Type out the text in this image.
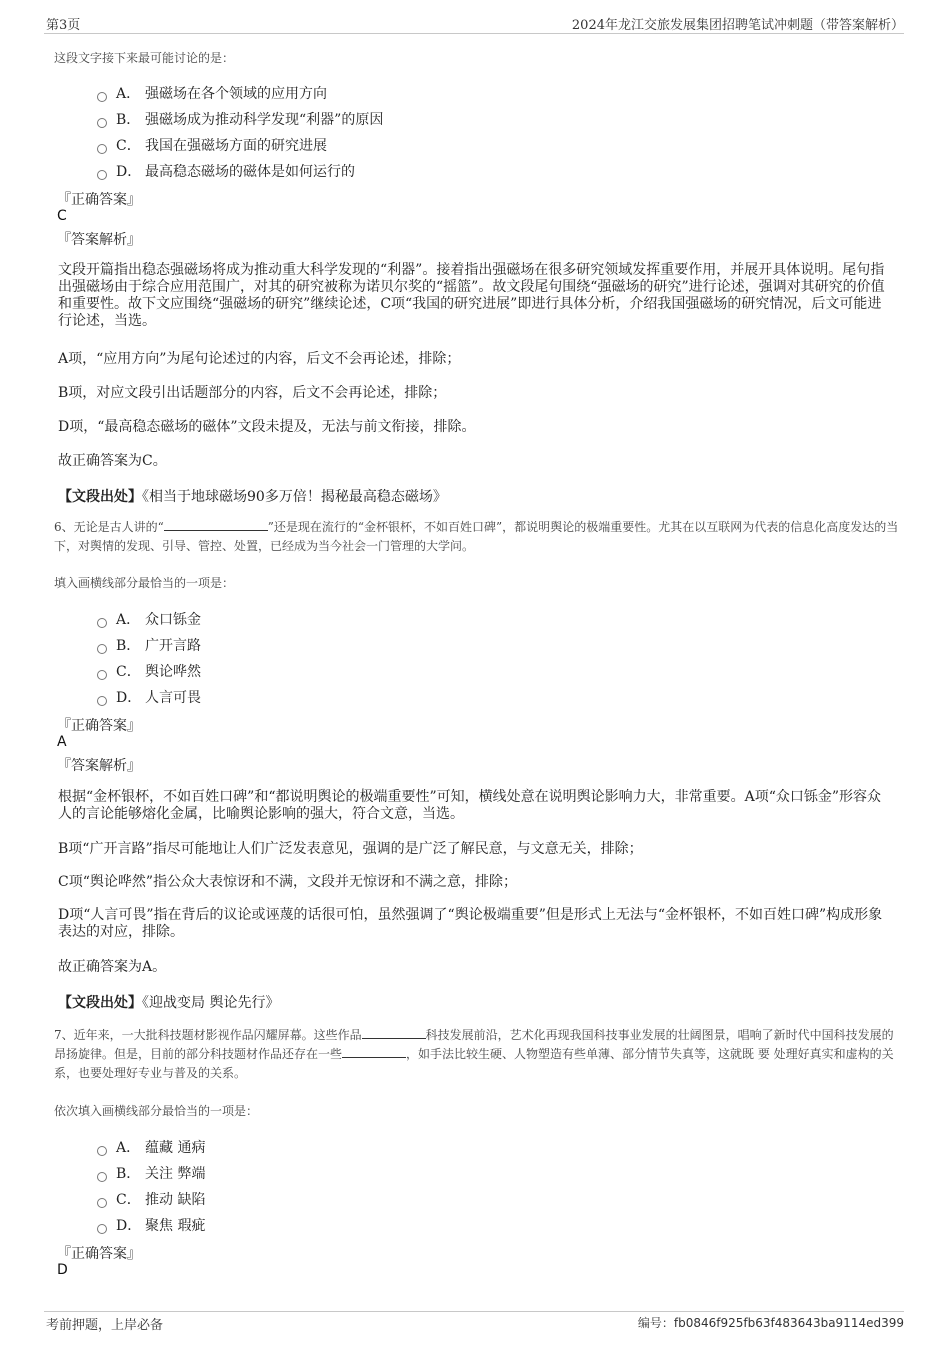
第3页	2024年龙江交旅发展集团招聘笔试冲刺题（带答案解析）
这段文字接下来最可能讨论的是：
A． 强磁场在各个领域的应用方向
B． 强磁场成为推动科学发现“利器”的原因
C． 我国在强磁场方面的研究进展
D． 最高稳态磁场的磁体是如何运行的
『正确答案』
C
『答案解析』
文段开篇指出稳态强磁场将成为推动重大科学发现的“利器”。接着指出强磁场在很多研究领域发挥重要作用，并展开具体说明。尾句指出强磁场由于综合应用范围广，对其的研究被称为诺贝尔奖的“摇篮”。故文段尾句围绕“强磁场的研究”进行论述，强调对其研究的价值和重要性。故下文应围绕“强磁场的研究”继续论述，C项“我国的研究进展”即进行具体分析，介绍我国强磁场的研究情况，后文可能进行论述，当选。
A项，“应用方向”为尾句论述过的内容，后文不会再论述，排除；
B项，对应文段引出话题部分的内容，后文不会再论述，排除；
D项，“最高稳态磁场的磁体”文段未提及，无法与前文衔接，排除。
故正确答案为C。
【文段出处】《相当于地球磁场90多万倍！揭秘最高稳态磁场》
6、无论是古人讲的“	”还是现在流行的“金杯银杯，不如百姓口碑”，都说明舆论的极端重要性。尤其在以互联网为代表的信息化高度发达的当下，对舆情的发现、引导、管控、处置，已经成为当今社会一门管理的大学问。
填入画横线部分最恰当的一项是：
A． 众口铄金
B． 广开言路
C． 舆论哗然
D． 人言可畏
『正确答案』
A
『答案解析』
根据“金杯银杯，不如百姓口碑”和“都说明舆论的极端重要性”可知，横线处意在说明舆论影响力大，非常重要。A项“众口铄金”形容众人的言论能够熔化金属，比喻舆论影响的强大，符合文意，当选。
B项“广开言路”指尽可能地让人们广泛发表意见，强调的是广泛了解民意，与文意无关，排除；
C项“舆论哗然”指公众大表惊讶和不满，文段并无惊讶和不满之意，排除；
D项“人言可畏”指在背后的议论或诬蔑的话很可怕，虽然强调了“舆论极端重要”但是形式上无法与“金杯银杯，不如百姓口碑”构成形象表达的对应，排除。
故正确答案为A。
【文段出处】《迎战变局 舆论先行》
7、近年来，一大批科技题材影视作品闪耀屏幕。这些作品	科技发展前沿，艺术化再现我国科技事业发展的壮阔图景，唱响了新时代中国科技发展的昂扬旋律。但是，目前的部分科技题材作品还存在一些	，如手法比较生硬、人物塑造有些单薄、部分情节失真等，这就既 要 处理好真实和虚构的关系，也要处理好专业与普及的关系。
依次填入画横线部分最恰当的一项是：
A． 蕴藏 通病
B． 关注 弊端
C． 推动 缺陷
D． 聚焦 瑕疵
『正确答案』
D
考前押题，上岸必备	编号：fb0846f925fb63f483643ba9114ed399
